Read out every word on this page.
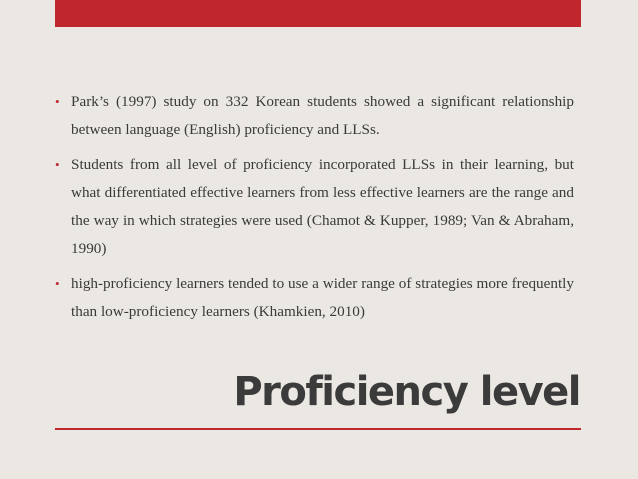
• Park’s (1997) study on 332 Korean students showed a significant relationship between language (English) proficiency and LLSs.
• Students from all level of proficiency incorporated LLSs in their learning, but what differentiated effective learners from less effective learners are the range and the way in which strategies were used (Chamot & Kupper, 1989; Van & Abraham, 1990)
• high-proficiency learners tended to use a wider range of strategies more frequently than low-proficiency learners (Khamkien, 2010)
Proficiency level
